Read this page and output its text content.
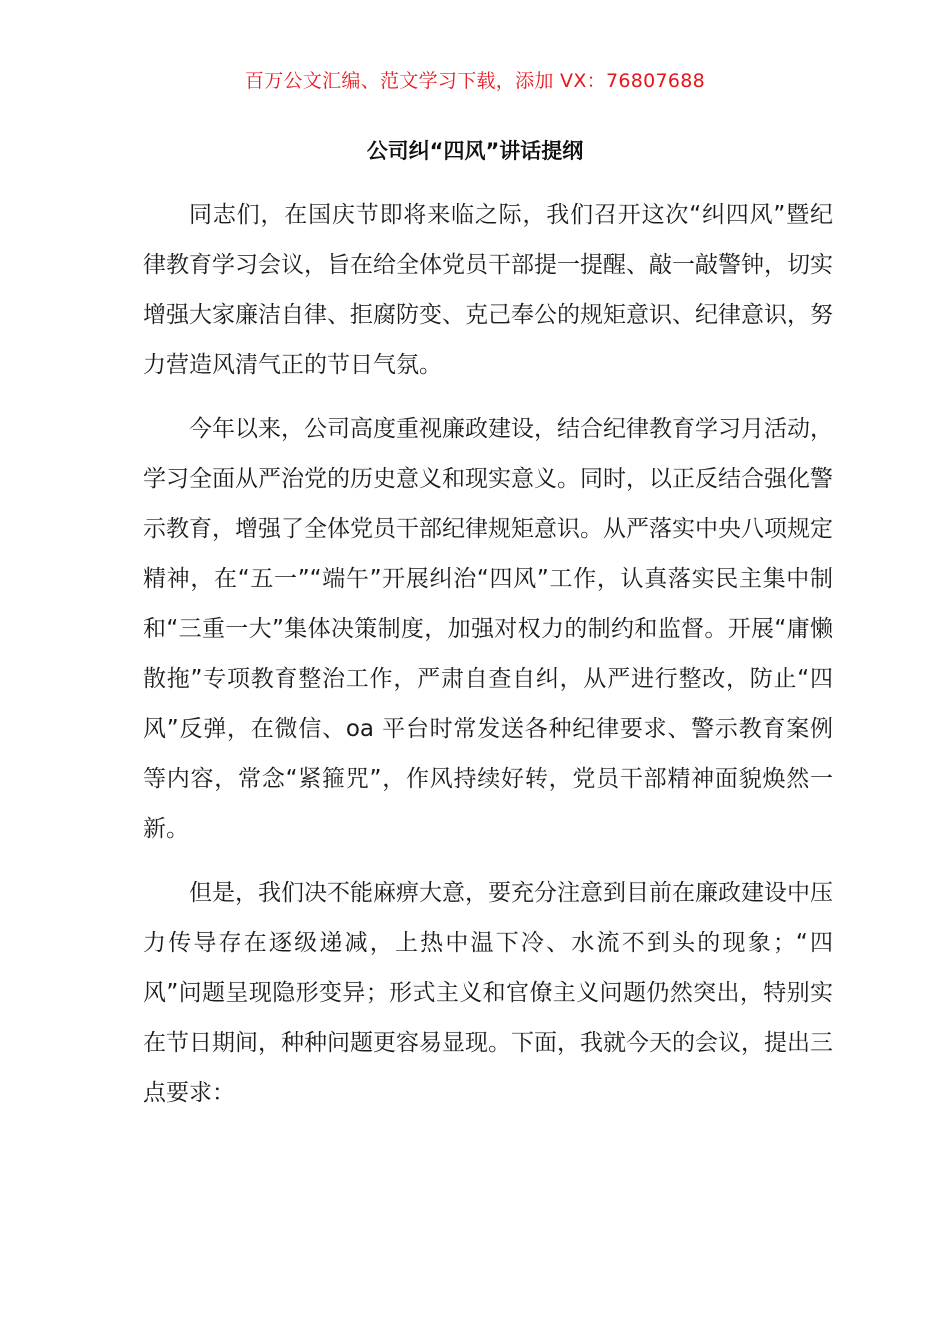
百万公文汇编、范文学习下载，添加 VX：76807688
公司纠“四风”讲话提纲

同志们，在国庆节即将来临之际，我们召开这次“纠四风”暨纪律教育学习会议，旨在给全体党员干部提一提醒、敲一敲警钟，切实增强大家廉洁自律、拒腐防变、克己奉公的规矩意识、纪律意识，努力营造风清气正的节日气氛。

今年以来，公司高度重视廉政建设，结合纪律教育学习月活动，学习全面从严治党的历史意义和现实意义。同时，以正反结合强化警示教育，增强了全体党员干部纪律规矩意识。从严落实中央八项规定精神，在“五一”“端午”开展纠治“四风”工作，认真落实民主集中制和“三重一大”集体决策制度，加强对权力的制约和监督。开展“庸懒散拖”专项教育整治工作，严肃自查自纠，从严进行整改，防止“四风”反弹，在微信、oa 平台时常发送各种纪律要求、警示教育案例等内容，常念“紧箍咒”，作风持续好转，党员干部精神面貌焕然一新。

但是，我们决不能麻痹大意，要充分注意到目前在廉政建设中压力传导存在逐级递减，上热中温下冷、水流不到头的现象；“四风”问题呈现隐形变异；形式主义和官僚主义问题仍然突出，特别实在节日期间，种种问题更容易显现。下面，我就今天的会议，提出三点要求：
